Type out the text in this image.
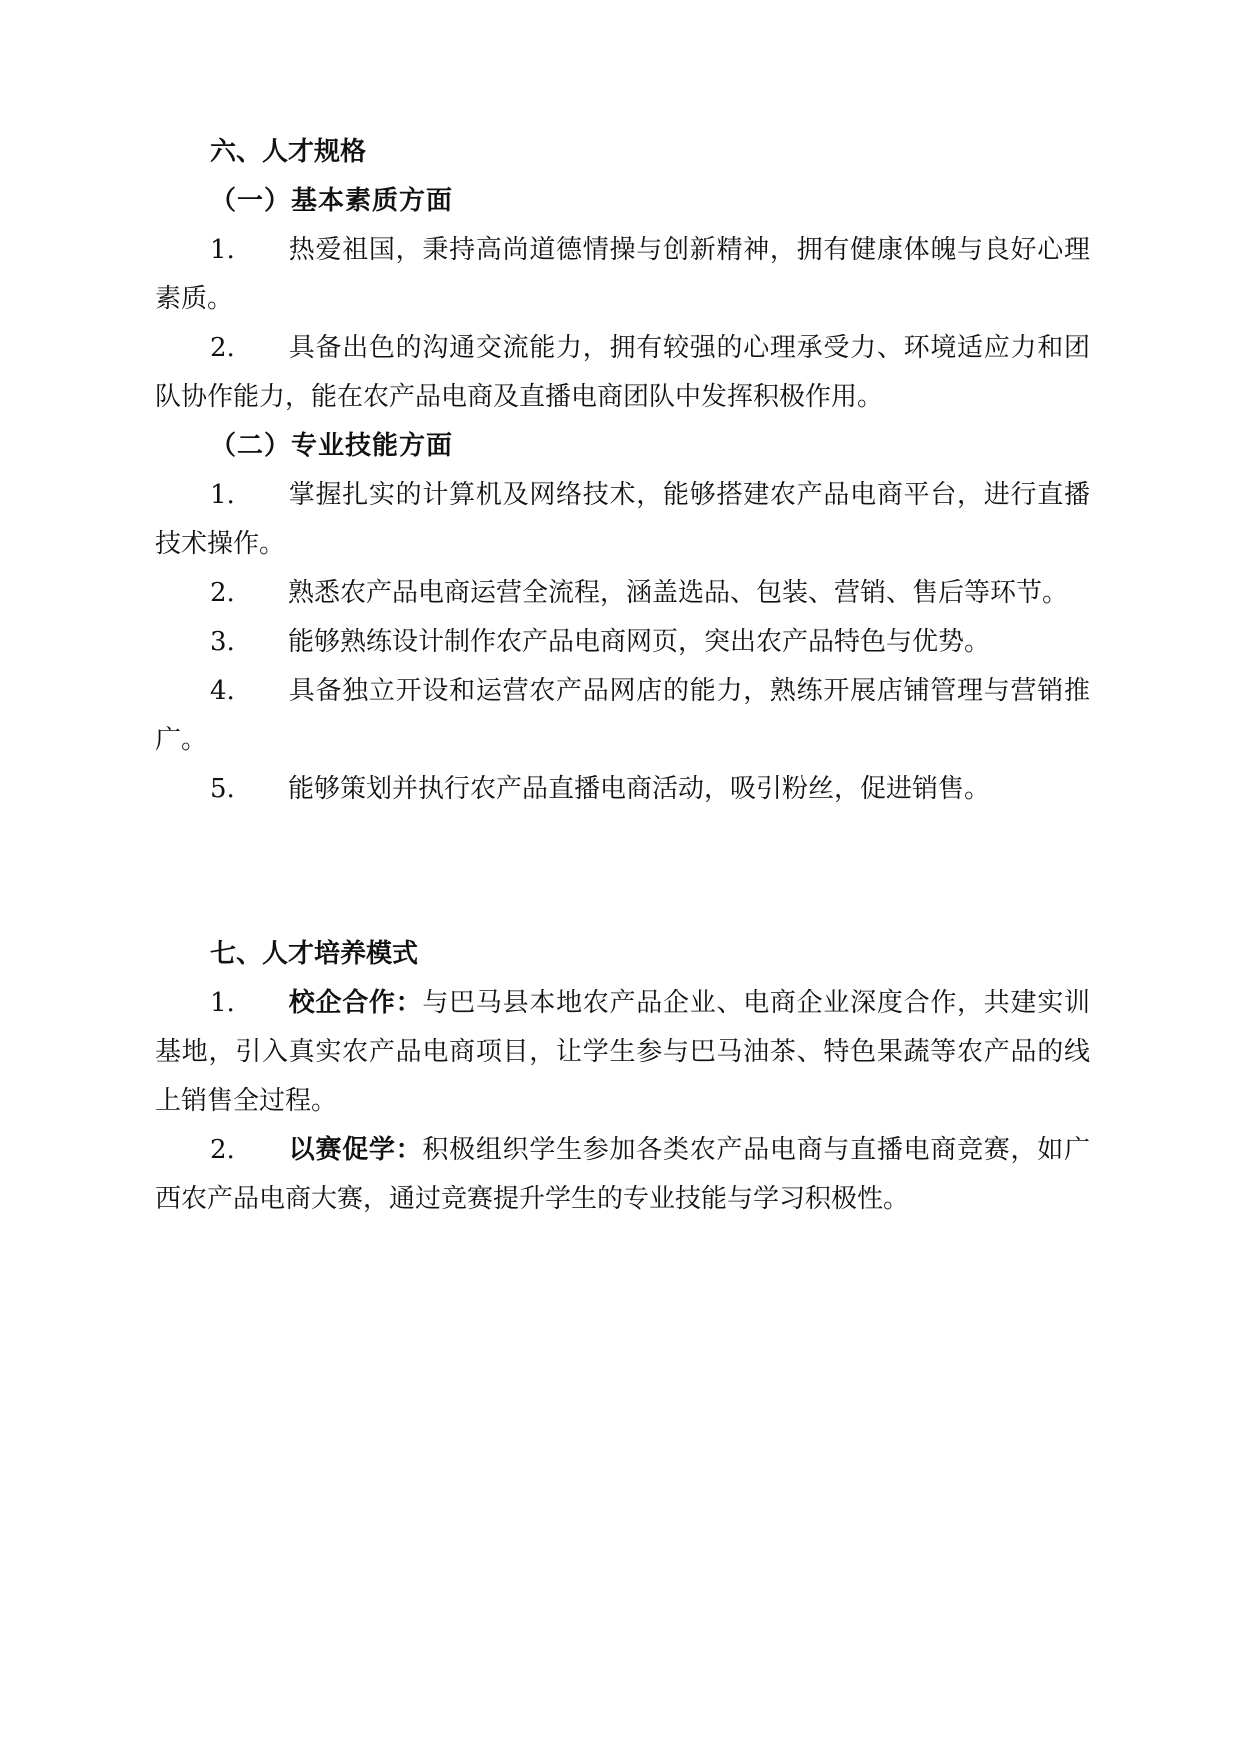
六、人才规格
（一）基本素质方面
1. 热爱祖国，秉持高尚道德情操与创新精神，拥有健康体魄与良好心理素质。
2. 具备出色的沟通交流能力，拥有较强的心理承受力、环境适应力和团队协作能力，能在农产品电商及直播电商团队中发挥积极作用。
（二）专业技能方面
1. 掌握扎实的计算机及网络技术，能够搭建农产品电商平台，进行直播技术操作。
2. 熟悉农产品电商运营全流程，涵盖选品、包装、营销、售后等环节。
3. 能够熟练设计制作农产品电商网页，突出农产品特色与优势。
4. 具备独立开设和运营农产品网店的能力，熟练开展店铺管理与营销推广。
5. 能够策划并执行农产品直播电商活动，吸引粉丝，促进销售。
七、人才培养模式
1. 校企合作：与巴马县本地农产品企业、电商企业深度合作，共建实训基地，引入真实农产品电商项目，让学生参与巴马油茶、特色果蔬等农产品的线上销售全过程。
2. 以赛促学：积极组织学生参加各类农产品电商与直播电商竞赛，如广西农产品电商大赛，通过竞赛提升学生的专业技能与学习积极性。
